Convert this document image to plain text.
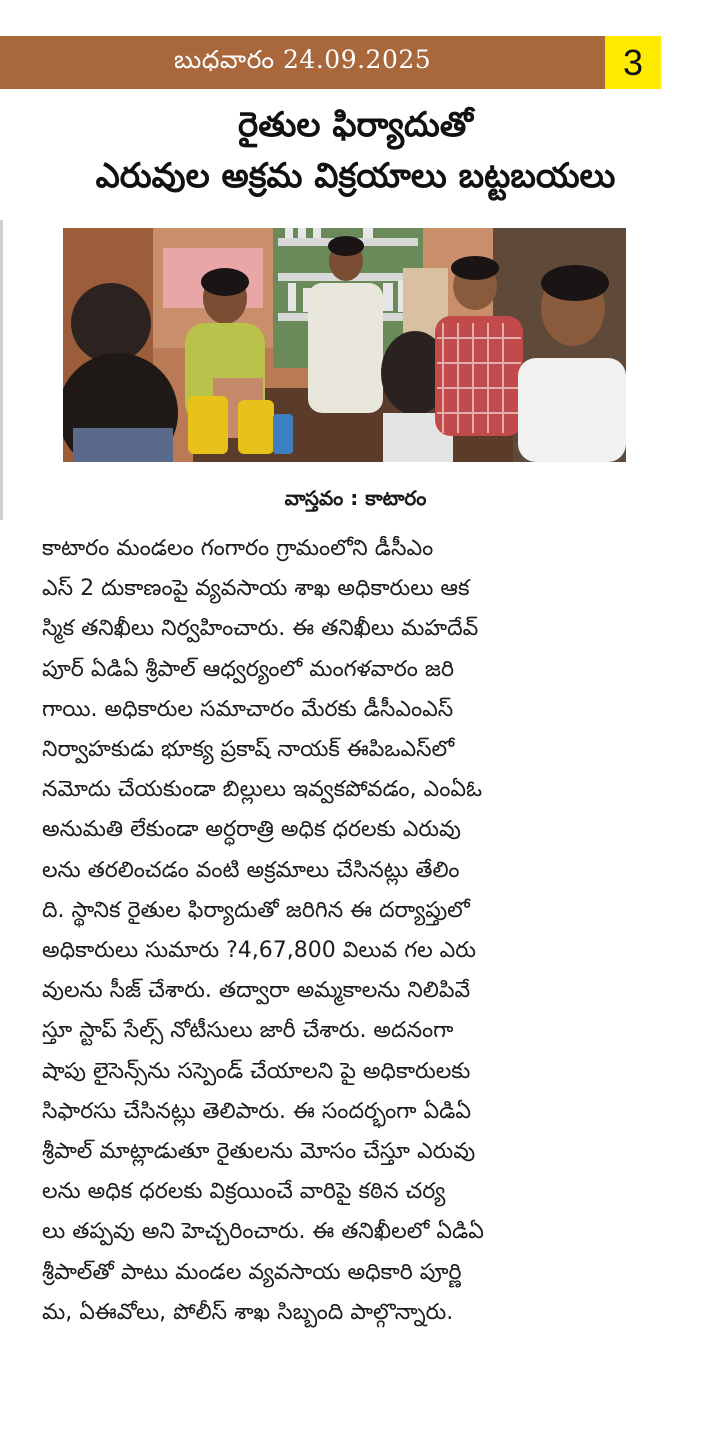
బుధవారం 24.09.2025	3
రైతుల ఫిర్యాదుతో
ఎరువుల అక్రమ విక్రయాలు బట్టబయలు
వాస్తవం : కాటారం
కాటారం మండలం గంగారం గ్రామంలోని డీసీఎం
ఎస్ 2 దుకాణంపై వ్యవసాయ శాఖ అధికారులు ఆక
స్మిక తనిఖీలు నిర్వహించారు. ఈ తనిఖీలు మహదేవ్
పూర్ ఏడిఏ శ్రీపాల్ ఆధ్వర్యంలో మంగళవారం జరి
గాయి. అధికారుల సమాచారం మేరకు డీసీఎంఎస్
నిర్వాహకుడు భూక్య ప్రకాష్ నాయక్ ఈపిఒఎస్‌లో
నమోదు చేయకుండా బిల్లులు ఇవ్వకపోవడం, ఎంఏఓ
అనుమతి లేకుండా అర్ధరాత్రి అధిక ధరలకు ఎరువు
లను తరలించడం వంటి అక్రమాలు చేసినట్లు తేలిం
ది. స్థానిక రైతుల ఫిర్యాదుతో జరిగిన ఈ దర్యాప్తులో
అధికారులు సుమారు ?4,67,800 విలువ గల ఎరు
వులను సీజ్ చేశారు. తద్వారా అమ్మకాలను నిలిపివే
స్తూ స్టాప్ సేల్స్ నోటీసులు జారీ చేశారు. అదనంగా
షాపు లైసెన్స్‌ను సస్పెండ్ చేయాలని పై అధికారులకు
సిఫారసు చేసినట్లు తెలిపారు. ఈ సందర్భంగా ఏడిఏ
శ్రీపాల్ మాట్లాడుతూ రైతులను మోసం చేస్తూ ఎరువు
లను అధిక ధరలకు విక్రయించే వారిపై కఠిన చర్య
లు తప్పవు అని హెచ్చరించారు. ఈ తనిఖీలలో ఏడిఏ
శ్రీపాల్‌తో పాటు మండల వ్యవసాయ అధికారి పూర్ణి
మ, ఏఈవోలు, పోలీస్ శాఖ సిబ్బంది పాల్గొన్నారు.
